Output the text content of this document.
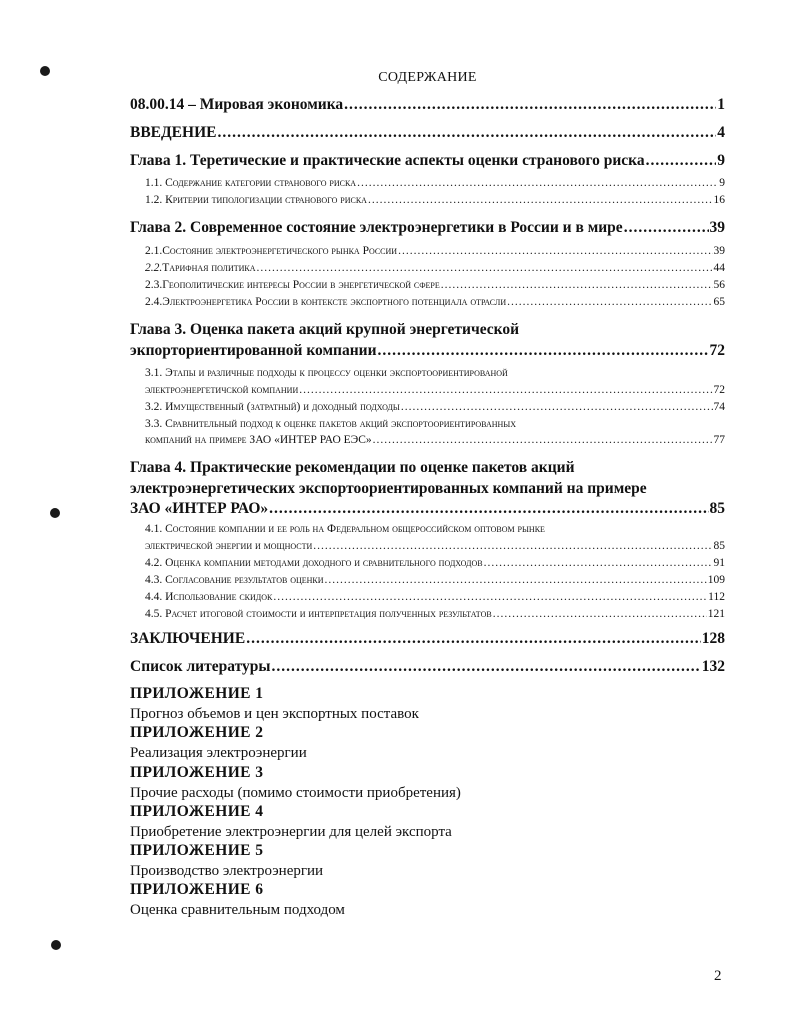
СОДЕРЖАНИЕ
08.00.14 – Мировая экономика .....	1
ВВЕДЕНИЕ .....	4
Глава 1. Теретические и практические аспекты оценки странового риска .....	9
1.1. Содержание категории странового риска .....	9
1.2. Критерии типологизации странового риска .....	16
Глава 2. Современное состояние электроэнергетики в России и в мире .....	39
2.1. Состояние электроэнергетического рынка России .....	39
2.2. Тарифная политика .....	44
2.3. Геополитические интересы России в энергетической сфере .....	56
2.4. Электроэнергетика России в контексте экспортного потенциала отрасли .....	65
Глава 3. Оценка пакета акций крупной энергетической
экпорториентированной компании .....	72
3.1. Этапы и различные подходы к процессу оценки экспортоориентированой
электроэнергетичской компании .....	72
3.2. Имущественный (затратный) и доходный подходы .....	74
3.3. Сравнительный подход к оценке пакетов акций экспортоориентированных
компаний на примере ЗАО «ИНТЕР РАО ЕЭС» .....	77
Глава 4. Практические рекомендации по оценке пакетов акций
электроэнергетических экспортоориентированных компаний на примере
ЗАО «ИНТЕР РАО» .....	85
4.1. Состояние компании и ее роль на Федеральном общероссийском оптовом рынке
электрической энергии и мощности .....	85
4.2. Оценка компании методами доходного и сравнительного подходов .....	91
4.3. Согласование результатов оценки .....	109
4.4. Использование скидок .....	112
4.5. Расчет итоговой стоимости и интерпретация полученных результатов .....	121
ЗАКЛЮЧЕНИЕ .....	128
Список литературы .....	132
ПРИЛОЖЕНИЕ 1
Прогноз объемов и цен экспортных поставок
ПРИЛОЖЕНИЕ 2
Реализация электроэнергии
ПРИЛОЖЕНИЕ 3
Прочие расходы (помимо стоимости приобретения)
ПРИЛОЖЕНИЕ 4
Приобретение электроэнергии для целей экспорта
ПРИЛОЖЕНИЕ 5
Производство электроэнергии
ПРИЛОЖЕНИЕ 6
Оценка сравнительным подходом
2
